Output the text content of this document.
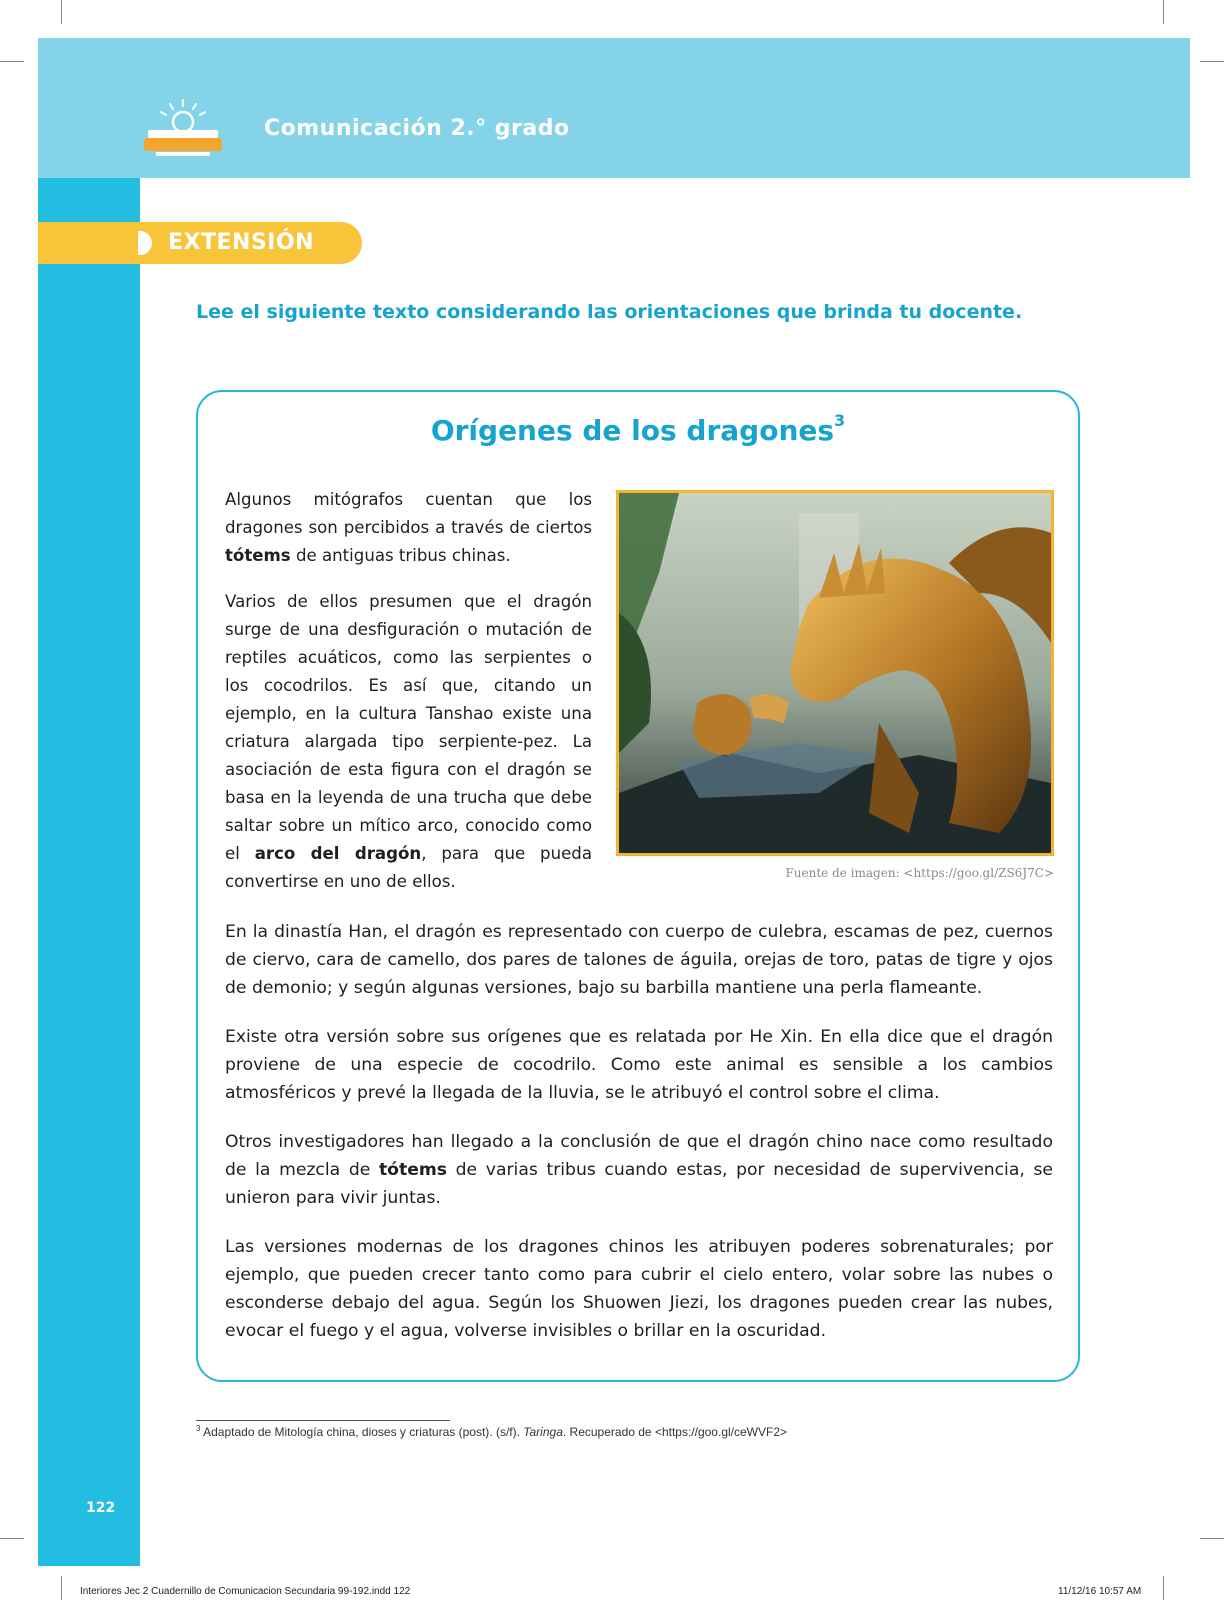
Comunicación 2.° grado
EXTENSIÓN
Lee el siguiente texto considerando las orientaciones que brinda tu docente.
Orígenes de los dragones$^3$

Algunos mitógrafos cuentan que los dragones son percibidos a través de ciertos tótems de antiguas tribus chinas.

Varios de ellos presumen que el dragón surge de una desfiguración o mutación de reptiles acuáticos, como las serpientes o los cocodrilos. Es así que, citando un ejemplo, en la cultura Tanshao existe una criatura alargada tipo serpiente-pez. La asociación de esta figura con el dragón se basa en la leyenda de una trucha que debe saltar sobre un mítico arco, conocido como el arco del dragón, para que pueda convertirse en uno de ellos.	Fuente de imagen: <https://goo.gl/ZS6J7C>

En la dinastía Han, el dragón es representado con cuerpo de culebra, escamas de pez, cuernos de ciervo, cara de camello, dos pares de talones de águila, orejas de toro, patas de tigre y ojos de demonio; y según algunas versiones, bajo su barbilla mantiene una perla flameante.

Existe otra versión sobre sus orígenes que es relatada por He Xin. En ella dice que el dragón proviene de una especie de cocodrilo. Como este animal es sensible a los cambios atmosféricos y prevé la llegada de la lluvia, se le atribuyó el control sobre el clima.

Otros investigadores han llegado a la conclusión de que el dragón chino nace como resultado de la mezcla de tótems de varias tribus cuando estas, por necesidad de supervivencia, se unieron para vivir juntas.

Las versiones modernas de los dragones chinos les atribuyen poderes sobrenaturales; por ejemplo, que pueden crecer tanto como para cubrir el cielo entero, volar sobre las nubes o esconderse debajo del agua. Según los Shuowen Jiezi, los dragones pueden crear las nubes, evocar el fuego y el agua, volverse invisibles o brillar en la oscuridad.

$^3$ Adaptado de Mitología china, dioses y criaturas (post). (s/f). Taringa. Recuperado de <https://goo.gl/ceWVF2>
122
Interiores Jec 2 Cuadernillo de Comunicacion Secundaria 99-192.indd 122	11/12/16 10:57 AM
